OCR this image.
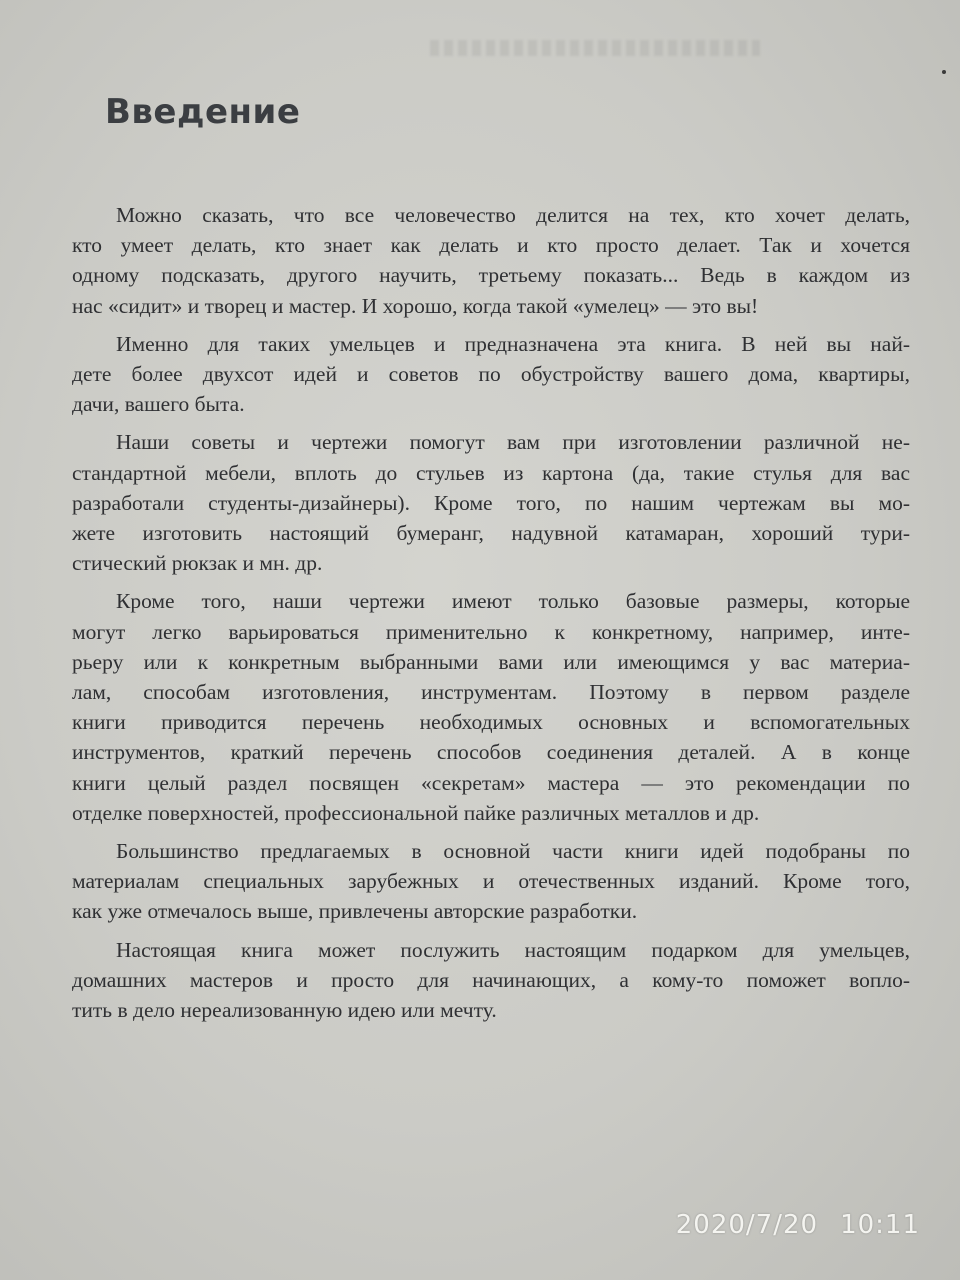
Введение
Можно сказать, что все человечество делится на тех, кто хочет делать,
кто умеет делать, кто знает как делать и кто просто делает. Так и хочется
одному подсказать, другого научить, третьему показать... Ведь в каждом из
нас «сидит» и творец и мастер. И хорошо, когда такой «умелец» — это вы!
Именно для таких умельцев и предназначена эта книга. В ней вы най-
дете более двухсот идей и советов по обустройству вашего дома, квартиры,
дачи, вашего быта.
Наши советы и чертежи помогут вам при изготовлении различной не-
стандартной мебели, вплоть до стульев из картона (да, такие стулья для вас
разработали студенты-дизайнеры). Кроме того, по нашим чертежам вы мо-
жете изготовить настоящий бумеранг, надувной катамаран, хороший тури-
стический рюкзак и мн. др.
Кроме того, наши чертежи имеют только базовые размеры, которые
могут легко варьироваться применительно к конкретному, например, инте-
рьеру или к конкретным выбранными вами или имеющимся у вас материа-
лам, способам изготовления, инструментам. Поэтому в первом разделе
книги приводится перечень необходимых основных и вспомогательных
инструментов, краткий перечень способов соединения деталей. А в конце
книги целый раздел посвящен «секретам» мастера — это рекомендации по
отделке поверхностей, профессиональной пайке различных металлов и др.
Большинство предлагаемых в основной части книги идей подобраны по
материалам специальных зарубежных и отечественных изданий. Кроме того,
как уже отмечалось выше, привлечены авторские разработки.
Настоящая книга может послужить настоящим подарком для умельцев,
домашних мастеров и просто для начинающих, а кому-то поможет вопло-
тить в дело нереализованную идею или мечту.
2020/7/20 10:11
